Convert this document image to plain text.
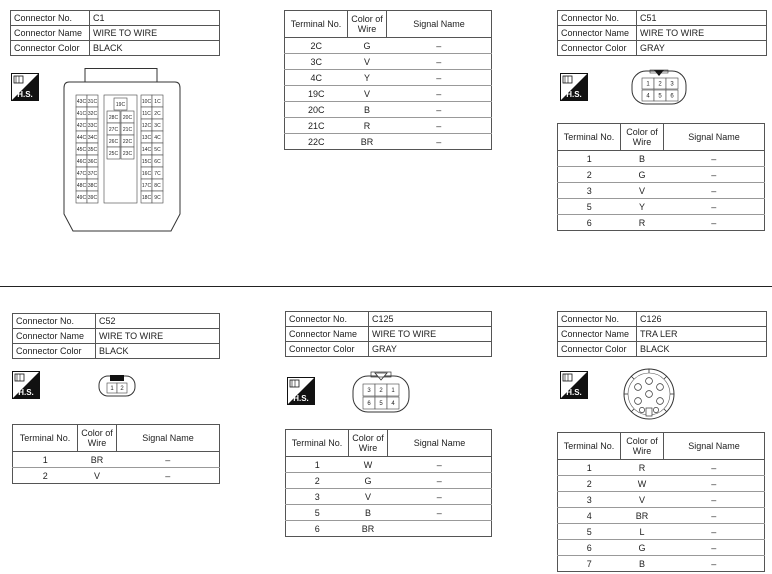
Connector No.	C1
Connector Name	WIRE TO WIRE
Connector Color	BLACK
H.S.
43C 31C	10C 1C
19C
41C 32C	11C 2C
28C 20C
42C 33C	12C 3C
27C 21C
44C 34C	13C 4C
26C 22C
45C 35C	14C 5C
25C 23C
46C 36C	15C 6C
47C 37C	16C 7C
48C 38C	17C 8C
49C 39C	18C 9C
Terminal No.	Color of Wire	Signal Name
2C	G	–
3C	V	–
4C	Y	–
19C	V	–
20C	B	–
21C	R	–
22C	BR	–
Connector No.	C51
Connector Name	WIRE TO WIRE
Connector Color	GRAY
H.S.
1 2 3
4 5 6
Terminal No.	Color of Wire	Signal Name
1	B	–
2	G	–
3	V	–
5	Y	–
6	R	–
Connector No.	C52
Connector Name	WIRE TO WIRE
Connector Color	BLACK
H.S.	1 2
Terminal No.	Color of Wire	Signal Name
1	BR	–
2	V	–
Connector No.	C125
Connector Name	WIRE TO WIRE
Connector Color	GRAY
H.S.
3 2 1
6 5 4
Terminal No.	Color of Wire	Signal Name
1	W	–
2	G	–
3	V	–
5	B	–
6	BR	
Connector No.	C126
Connector Name	TRA LER
Connector Color	BLACK
H.S.
Terminal No.	Color of Wire	Signal Name
1	R	–
2	W	–
3	V	–
4	BR	–
5	L	–
6	G	–
7	B	–
